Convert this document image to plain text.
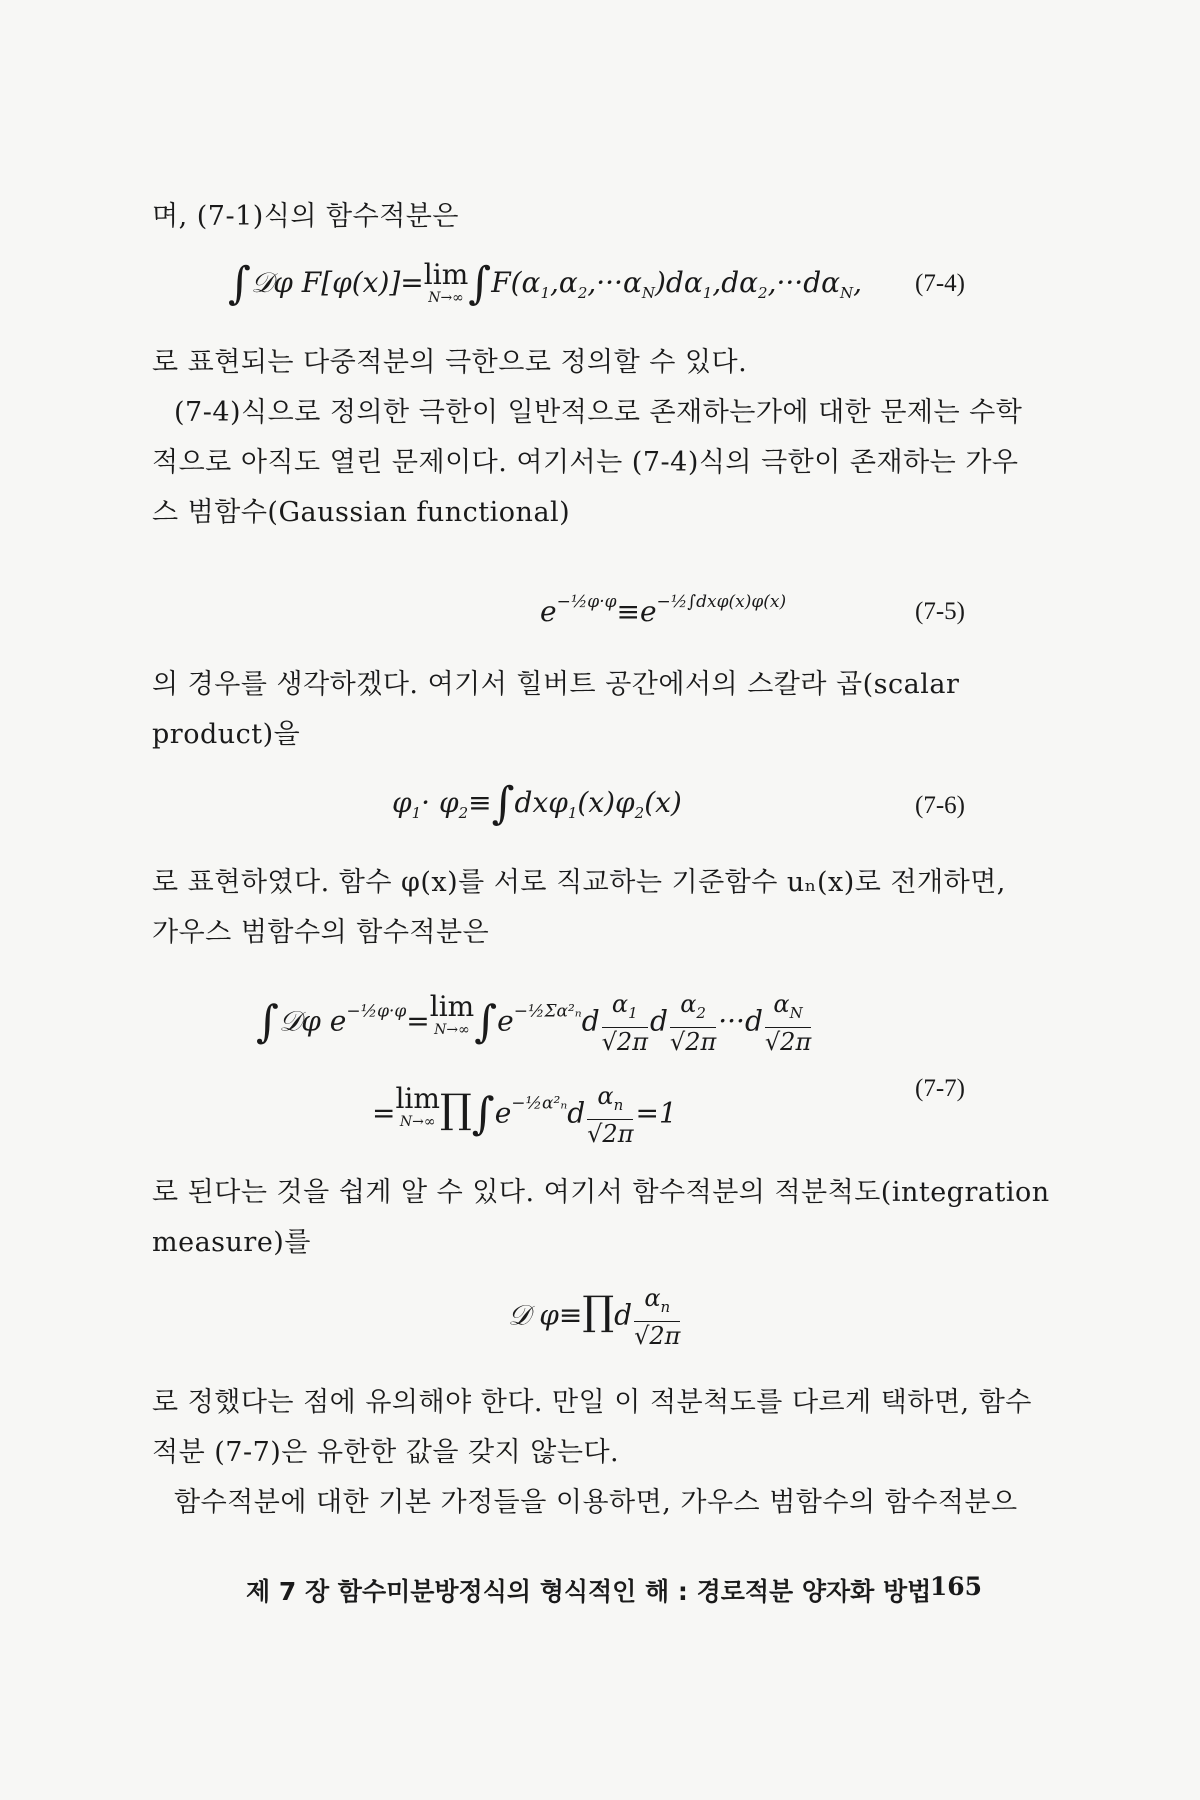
며, (7-1)식의 함수적분은
∫𝒟φ F[φ(x)]=lim
N→∞ $\int F(\alpha_1,\alpha_2,\cdot\cdot\cdot\alpha_N)d\alpha_1,d\alpha_2,\cdot\cdot\cdot d\alpha_N$, (7-4)
로 표현되는 다중적분의 극한으로 정의할 수 있다.
(7-4)식으로 정의한 극한이 일반적으로 존재하는가에 대한 문제는 수학
적으로 아직도 열린 문제이다. 여기서는 (7-4)식의 극한이 존재하는 가우
스 범함수(Gaussian functional)
$e^{-\frac{1}{2}\varphi\cdot\varphi}\equiv e^{-\frac{1}{2}\int dx\varphi(x)\varphi(x)}$	(7-5)
의 경우를 생각하겠다. 여기서 힐버트 공간에서의 스칼라 곱(scalar
product)을
$\varphi_1\cdot \varphi_2\equiv\int dx\varphi_1(x)\varphi_2(x)$	(7-6)
로 표현하였다. 함수 φ(x)를 서로 직교하는 기준함수 uₙ(x)로 전개하면,
가우스 범함수의 함수적분은
∫𝒟φ $e^{-\frac{1}{2}\varphi\cdot\varphi}=\lim$
N→∞ $\int e^{-\frac{1}{2}\Sigma\alpha^2_n}d \frac{\alpha_1}{√2\pi}$ d $\frac{\alpha_2}{√2\pi} \cdot\cdot\cdot d \frac{\alpha_N}{√2\pi}$
=lim
N→∞ $\prod\int e^{-\frac{1}{2}\alpha^2_n}d \frac{\alpha_n}{√2\pi} =1$
(7-7)
로 된다는 것을 쉽게 알 수 있다. 여기서 함수적분의 적분척도(integration
measure)를
𝒟 φ≡∏d $\frac{\alpha_n}{√2\pi}$
로 정했다는 점에 유의해야 한다. 만일 이 적분척도를 다르게 택하면, 함수
적분 (7-7)은 유한한 값을 갖지 않는다.
함수적분에 대한 기본 가정들을 이용하면, 가우스 범함수의 함수적분으
제 7 장 함수미분방정식의 형식적인 해 : 경로적분 양자화 방법
165
